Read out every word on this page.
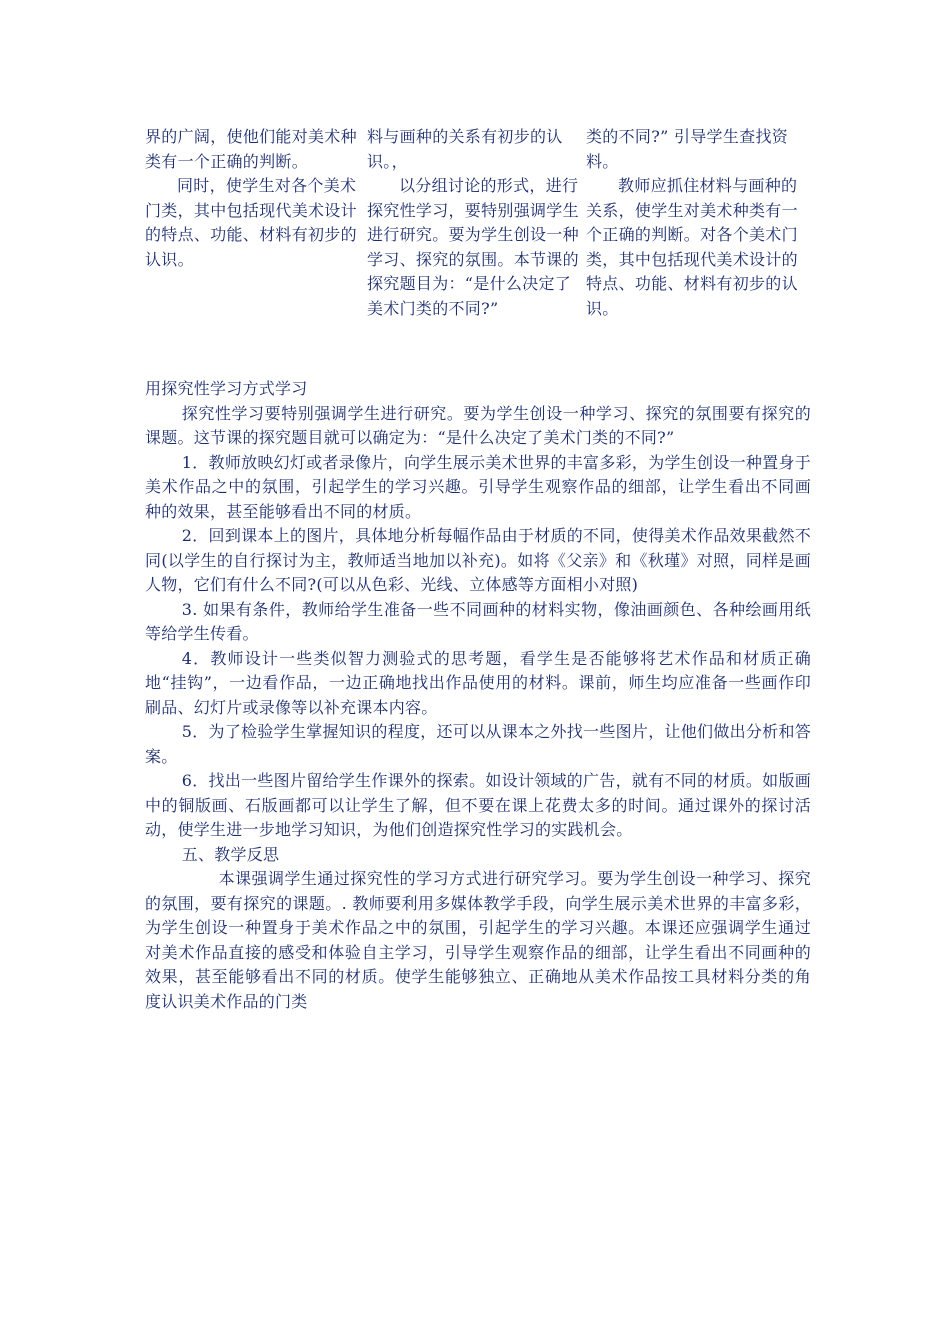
界的广阔，使他们能对美术种类有一个正确的判断。

同时，使学生对各个美术门类，其中包括现代美术设计的特点、功能、材料有初步的认识。

料与画种的关系有初步的认识。，

以分组讨论的形式，进行探究性学习，要特别强调学生进行研究。要为学生创设一种学习、探究的氛围。本节课的探究题目为：“是什么决定了美术门类的不同?”

类的不同?” 引导学生查找资料。

教师应抓住材料与画种的关系，使学生对美术种类有一个正确的判断。对各个美术门类，其中包括现代美术设计的特点、功能、材料有初步的认识。

用探究性学习方式学习

探究性学习要特别强调学生进行研究。要为学生创设一种学习、探究的氛围要有探究的课题。这节课的探究题目就可以确定为：“是什么决定了美术门类的不同?”

1．教师放映幻灯或者录像片，向学生展示美术世界的丰富多彩，为学生创设一种置身于美术作品之中的氛围，引起学生的学习兴趣。引导学生观察作品的细部，让学生看出不同画种的效果，甚至能够看出不同的材质。

2．回到课本上的图片，具体地分析每幅作品由于材质的不同，使得美术作品效果截然不同(以学生的自行探讨为主，教师适当地加以补充)。如将《父亲》和《秋瑾》对照，同样是画人物，它们有什么不同?(可以从色彩、光线、立体感等方面相小对照)

3. 如果有条件，教师给学生准备一些不同画种的材料实物，像油画颜色、各种绘画用纸等给学生传看。

4．教师设计一些类似智力测验式的思考题，看学生是否能够将艺术作品和材质正确地“挂钩”，一边看作品，一边正确地找出作品使用的材料。课前，师生均应准备一些画作印刷品、幻灯片或录像等以补充课本内容。

5．为了检验学生掌握知识的程度，还可以从课本之外找一些图片，让他们做出分析和答案。

6．找出一些图片留给学生作课外的探索。如设计领域的广告，就有不同的材质。如版画中的铜版画、石版画都可以让学生了解，但不要在课上花费太多的时间。通过课外的探讨活动，使学生进一步地学习知识，为他们创造探究性学习的实践机会。

五、教学反思

本课强调学生通过探究性的学习方式进行研究学习。要为学生创设一种学习、探究的氛围，要有探究的课题。. 教师要利用多媒体教学手段，向学生展示美术世界的丰富多彩，为学生创设一种置身于美术作品之中的氛围，引起学生的学习兴趣。本课还应强调学生通过对美术作品直接的感受和体验自主学习，引导学生观察作品的细部，让学生看出不同画种的效果，甚至能够看出不同的材质。使学生能够独立、正确地从美术作品按工具材料分类的角度认识美术作品的门类
